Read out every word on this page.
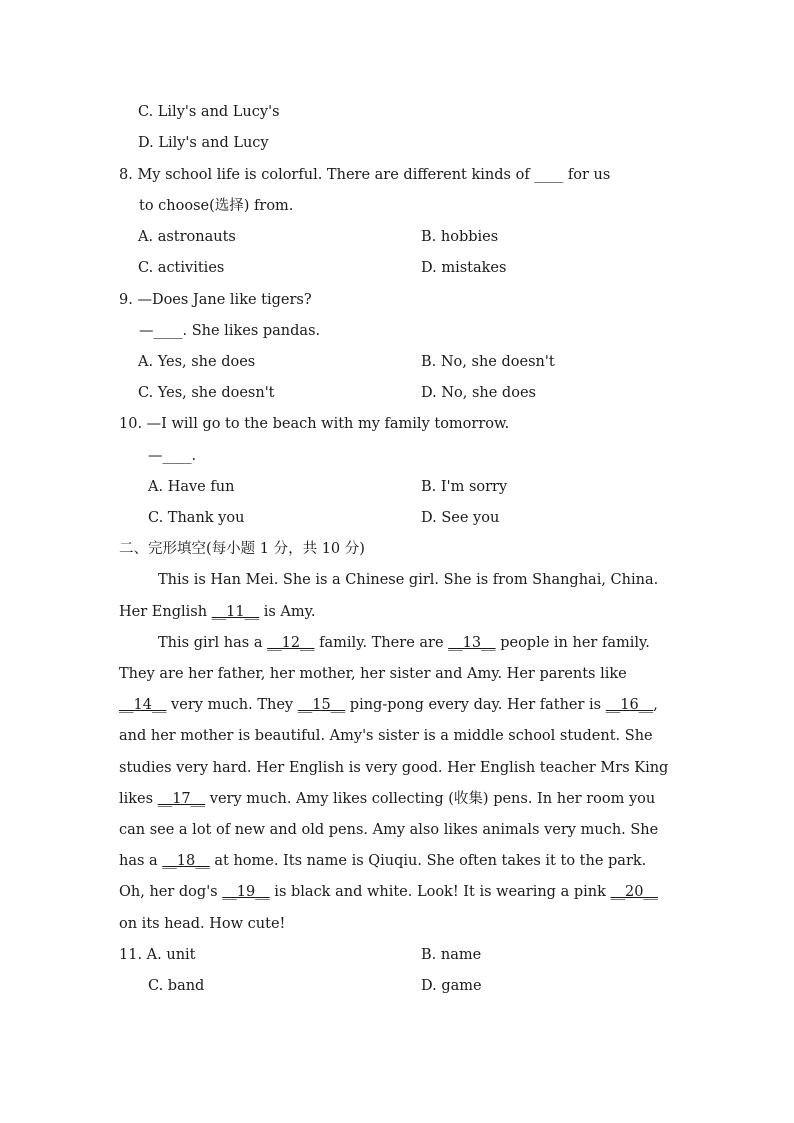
C. Lily's and Lucy's
D. Lily's and Lucy
8. My school life is colorful. There are different kinds of ____ for us
to choose(选择) from.
A. astronauts	B. hobbies
C. activities	D. mistakes
9. —Does Jane like tigers?
—____. She likes pandas.
A. Yes, she does	B. No, she doesn't
C. Yes, she doesn't	D. No, she does
10. —I will go to the beach with my family tomorrow.
—____.
A. Have fun	B. I'm sorry
C. Thank you	D. See you
二、完形填空(每小题 1 分，共 10 分)
This is Han Mei. She is a Chinese girl. She is from Shanghai, China.
Her English __11__ is Amy.
This girl has a __12__ family. There are __13__ people in her family.
They are her father, her mother, her sister and Amy. Her parents like
__14__ very much. They __15__ ping-pong every day. Her father is __16__,
and her mother is beautiful. Amy's sister is a middle school student. She
studies very hard. Her English is very good. Her English teacher Mrs King
likes __17__ very much. Amy likes collecting (收集) pens. In her room you
can see a lot of new and old pens. Amy also likes animals very much. She
has a __18__ at home. Its name is Qiuqiu. She often takes it to the park.
Oh, her dog's __19__ is black and white. Look! It is wearing a pink __20__
on its head. How cute!
11. A. unit	B. name
C. band	D. game
